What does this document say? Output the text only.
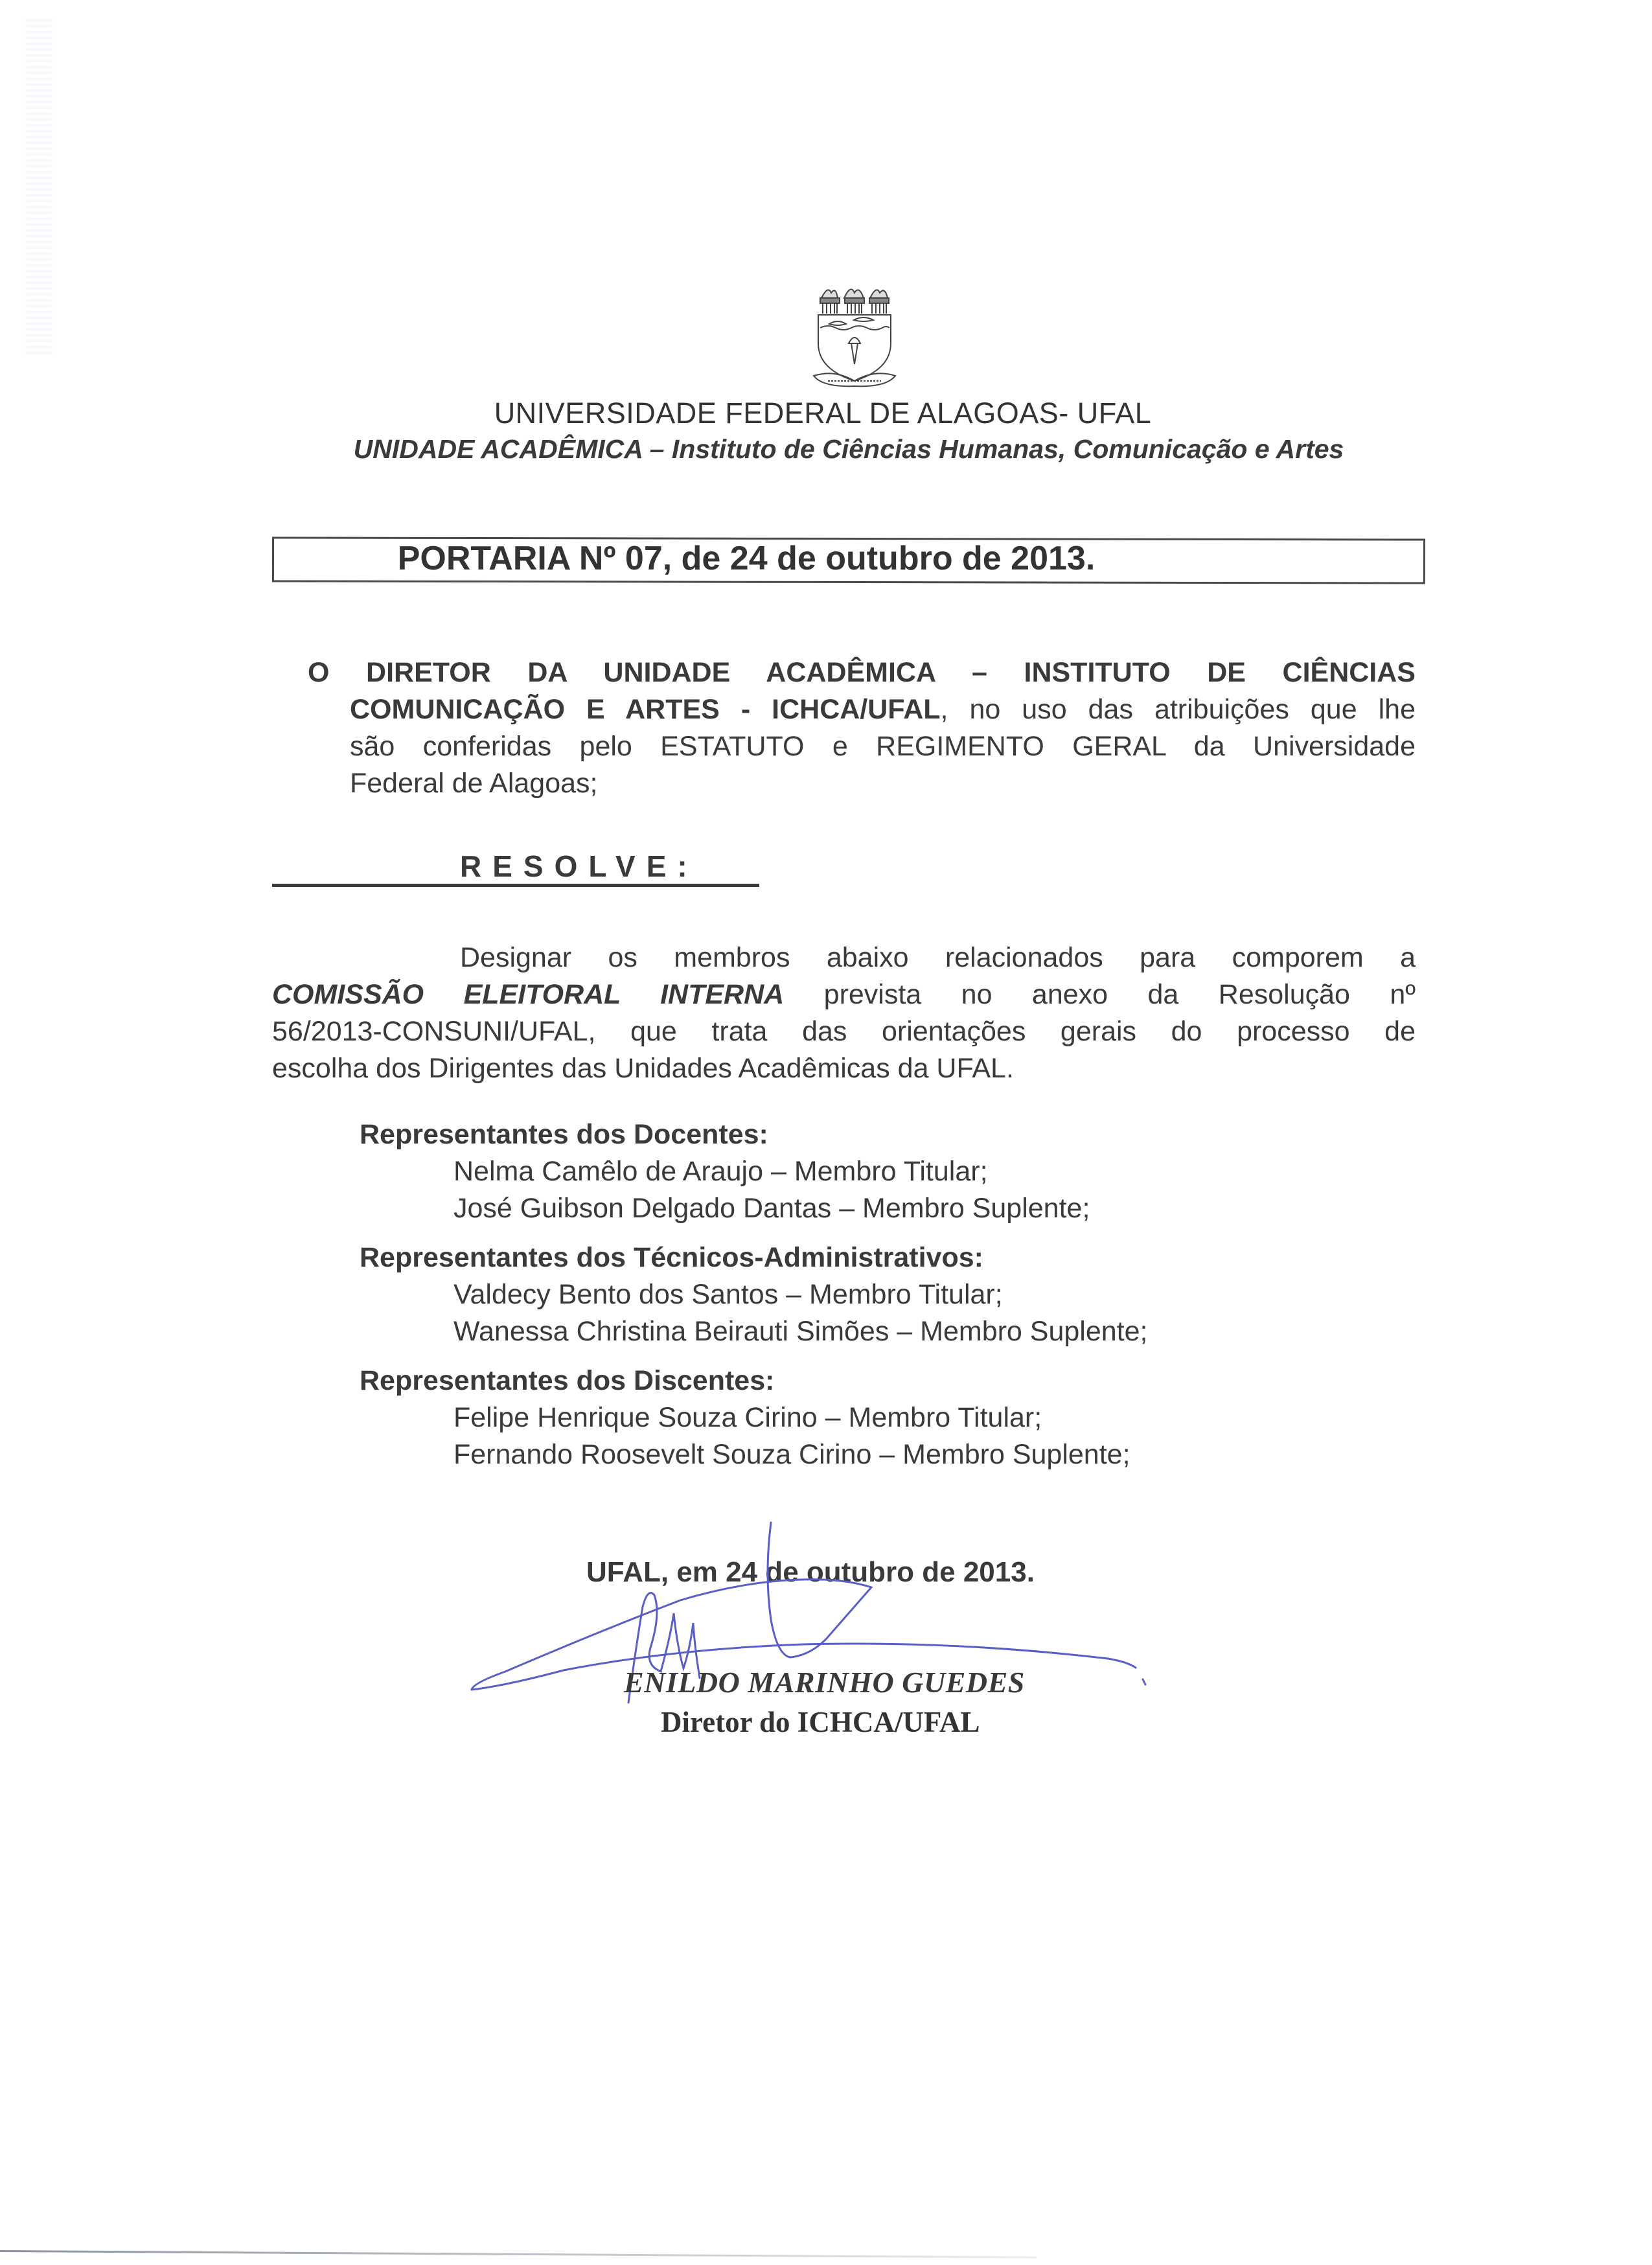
UNIVERSIDADE FEDERAL DE ALAGOAS- UFAL
UNIDADE ACADÊMICA – Instituto de Ciências Humanas, Comunicação e Artes
PORTARIA Nº 07, de 24 de outubro de 2013.
O DIRETOR DA UNIDADE ACADÊMICA – INSTITUTO DE CIÊNCIAS
COMUNICAÇÃO E ARTES - ICHCA/UFAL, no uso das atribuições que lhe
são conferidas pelo ESTATUTO e REGIMENTO GERAL da Universidade
Federal de Alagoas;
RESOLVE:
Designar os membros abaixo relacionados para comporem a
COMISSÃO ELEITORAL INTERNA prevista no anexo da Resolução nº
56/2013-CONSUNI/UFAL, que trata das orientações gerais do processo de
escolha dos Dirigentes das Unidades Acadêmicas da UFAL.
Representantes dos Docentes:
Nelma Camêlo de Araujo – Membro Titular;
José Guibson Delgado Dantas – Membro Suplente;
Representantes dos Técnicos-Administrativos:
Valdecy Bento dos Santos – Membro Titular;
Wanessa Christina Beirauti Simões – Membro Suplente;
Representantes dos Discentes:
Felipe Henrique Souza Cirino – Membro Titular;
Fernando Roosevelt Souza Cirino – Membro Suplente;
UFAL, em 24 de outubro de 2013.
ENILDO MARINHO GUEDES
Diretor do ICHCA/UFAL
